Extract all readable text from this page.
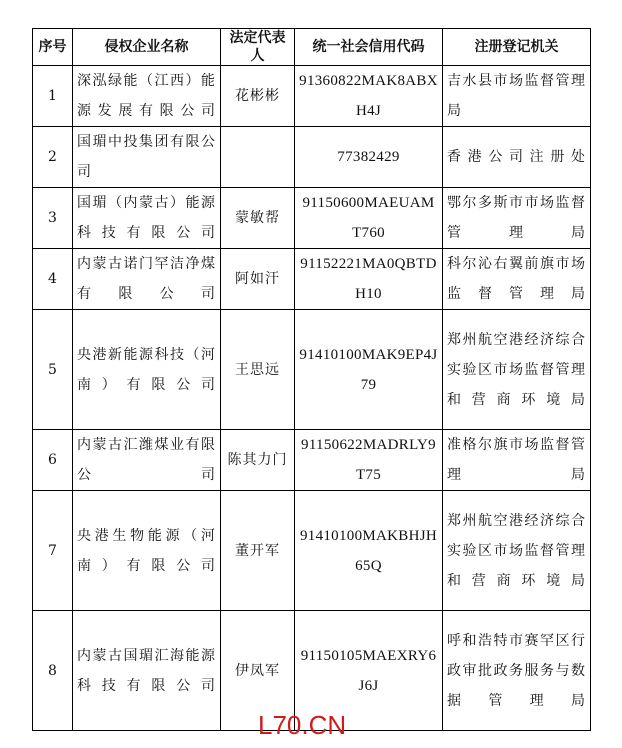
序号	侵权企业名称	法定代表人	统一社会信用代码	注册登记机关
1	深泓绿能（江西）能源发展有限公司	花彬彬	91360822MAK8ABXH4J	吉水县市场监督管理局
2	国瑂中投集团有限公司		77382429	香港公司注册处
3	国瑂（内蒙古）能源科技有限公司	蒙敏帮	91150600MAEUAMT760	鄂尔多斯市市场监督管理局
4	内蒙古诺门罕洁净煤有限公司	阿如汗	91152221MA0QBTDH10	科尔沁右翼前旗市场监督管理局
5	央港新能源科技（河南）有限公司	王思远	91410100MAK9EP4J79	郑州航空港经济综合实验区市场监督管理和营商环境局
6	内蒙古汇潍煤业有限公司	陈其力门	91150622MADRLY9T75	准格尔旗市场监督管理局
7	央港生物能源（河南）有限公司	董开军	91410100MAKBHJH65Q	郑州航空港经济综合实验区市场监督管理和营商环境局
8	内蒙古国瑂汇海能源科技有限公司	伊凤军	91150105MAEXRY6J6J	呼和浩特市赛罕区行政审批政务服务与数据管理局
L70.CN
